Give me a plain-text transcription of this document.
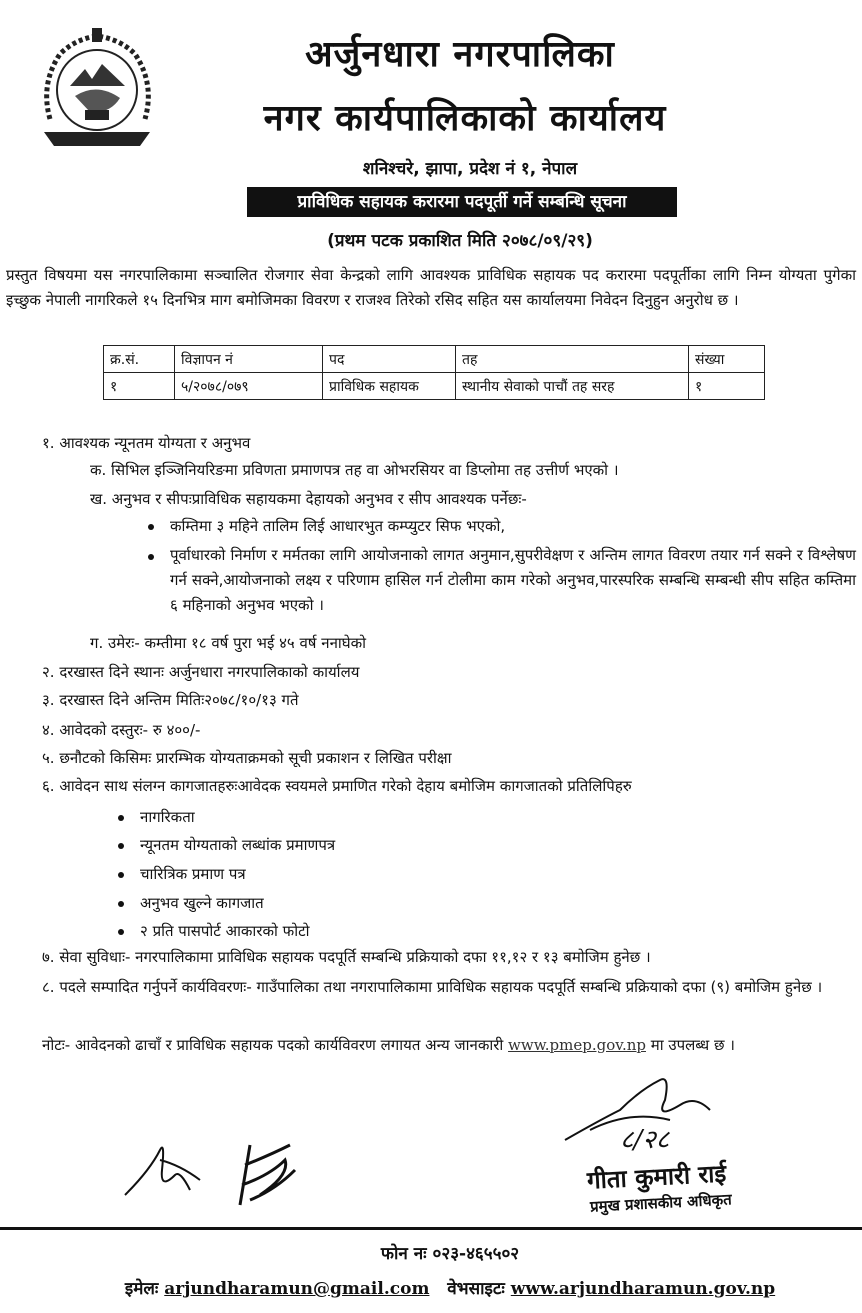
अर्जुनधारा नगरपालिका
नगर कार्यपालिकाको कार्यालय
शनिश्चरे, झापा, प्रदेश नं १, नेपाल
प्राविधिक सहायक करारमा पदपूर्ती गर्ने सम्बन्धि सूचना
(प्रथम पटक प्रकाशित मिति २०७८/०९/२९)
प्रस्तुत विषयमा यस नगरपालिकामा सञ्चालित रोजगार सेवा केन्द्रको लागि आवश्यक प्राविधिक सहायक पद करारमा पदपूर्तीका लागि निम्न योग्यता पुगेका इच्छुक नेपाली नागरिकले १५ दिनभित्र माग बमोजिमका विवरण र राजश्व तिरेको रसिद सहित यस कार्यालयमा निवेदन दिनुहुन अनुरोध छ ।
क्र.सं.	विज्ञापन नं	पद	तह	संख्या
१	५/२०७८/०७९	प्राविधिक सहायक	स्थानीय सेवाको पाचौं तह सरह	१
१. आवश्यक न्यूनतम योग्यता र अनुभव
क. सिभिल इञ्जिनियरिङमा प्रविणता प्रमाणपत्र तह वा ओभरसियर वा डिप्लोमा तह उत्तीर्ण भएको ।
ख. अनुभव र सीपःप्राविधिक सहायकमा देहायको अनुभव र सीप आवश्यक पर्नेछः-
कम्तिमा ३ महिने तालिम लिई आधारभुत कम्प्युटर सिफ भएको,
पूर्वाधारको निर्माण र मर्मतका लागि आयोजनाको लागत अनुमान,सुपरीवेक्षण र अन्तिम लागत विवरण तयार गर्न सक्ने र विश्लेषण गर्न सक्ने,आयोजनाको लक्ष्य र परिणाम हासिल गर्न टोलीमा काम गरेको अनुभव,पारस्परिक सम्बन्धि सम्बन्धी सीप सहित कम्तिमा ६ महिनाको अनुभव भएको ।
ग. उमेरः- कम्तीमा १८ वर्ष पुरा भई ४५ वर्ष ननाघेको
२. दरखास्त दिने स्थानः अर्जुनधारा नगरपालिकाको कार्यालय
३. दरखास्त दिने अन्तिम मितिः२०७८/१०/१३ गते
४. आवेदको दस्तुरः- रु ४००/-
५. छनौटको किसिमः प्रारम्भिक योग्यताक्रमको सूची प्रकाशन र लिखित परीक्षा
६. आवेदन साथ संलग्न कागजातहरुःआवेदक स्वयमले प्रमाणित गरेको देहाय बमोजिम कागजातको प्रतिलिपिहरु
नागरिकता
न्यूनतम योग्यताको लब्धांक प्रमाणपत्र
चारित्रिक प्रमाण पत्र
अनुभव खुल्ने कागजात
२ प्रति पासपोर्ट आकारको फोटो
७. सेवा सुविधाः- नगरपालिकामा प्राविधिक सहायक पदपूर्ति सम्बन्धि प्रक्रियाको दफा ११,१२ र १३ बमोजिम हुनेछ ।
८. पदले सम्पादित गर्नुपर्ने कार्यविवरणः- गाउँपालिका तथा नगरापालिकामा प्राविधिक सहायक पदपूर्ति सम्बन्धि प्रक्रियाको दफा (९) बमोजिम हुनेछ ।
नोटः- आवेदनको ढाचाँ र प्राविधिक सहायक पदको कार्यविवरण लगायत अन्य जानकारी www.pmep.gov.np मा उपलब्ध छ ।
८/२८
गीता कुमारी राई
प्रमुख प्रशासकीय अधिकृत
फोन नः ०२३-४६५५०२
इमेलः arjundharamun@gmail.com वेभसाइटः www.arjundharamun.gov.np
